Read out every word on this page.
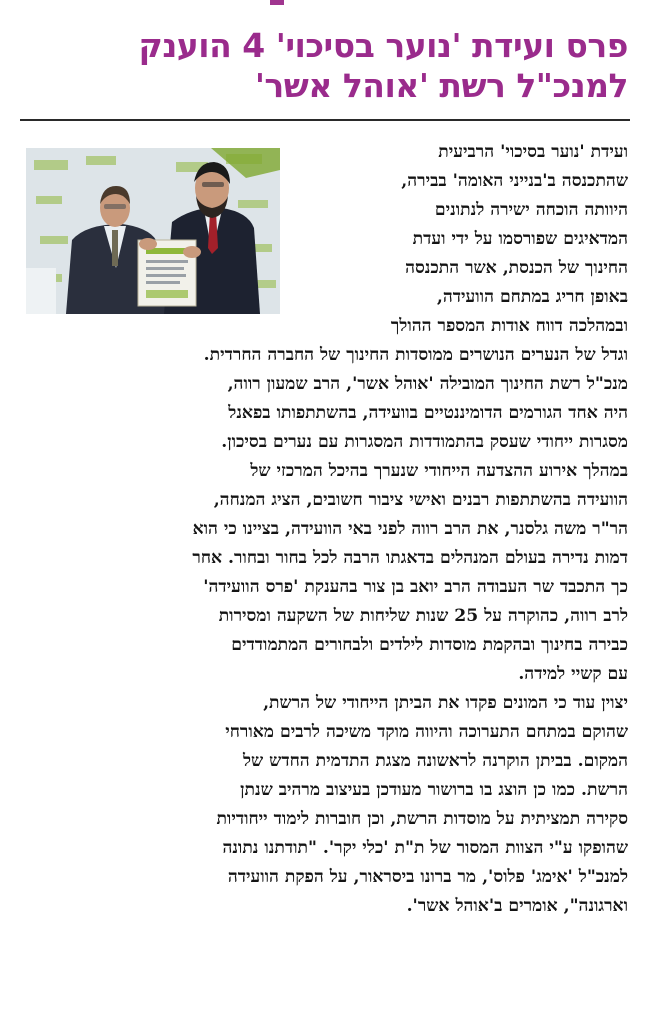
פרס ועידת 'נוער בסיכוי' 4 הוענק
למנכ"ל רשת 'אוהל אשר'

ועידת 'נוער בסיכוי' הרביעית
שהתכנסה ב'בנייני האומה' בבירה,
היוותה הוכחה ישירה לנתונים
המדאיגים שפורסמו על ידי ועדת
החינוך של הכנסת, אשר התכנסה
באופן חריג במתחם הוועידה,
ובמהלכה דווח אודות המספר ההולך
וגדל של הנערים הנושרים ממוסדות החינוך של החברה החרדית.
מנכ"ל רשת החינוך המובילה 'אוהל אשר', הרב שמעון רווה,
היה אחד הגורמים הדומיננטיים בוועידה, בהשתתפותו בפאנל
מסגרות ייחודי שעסק בהתמודדות המסגרות עם נערים בסיכון.

במהלך אירוע ההצדעה הייחודי שנערך בהיכל המרכזי של
הוועידה בהשתתפות רבנים ואישי ציבור חשובים, הציג המנחה,
הר"ר משה גלסנר, את הרב רווה לפני באי הוועידה, בציינו כי הוא
דמות נדירה בעולם המנהלים בדאגתו הרבה לכל בחור ובחור. אחר
כך התכבד שר העבודה הרב יואב בן צור בהענקת 'פרס הוועידה'
לרב רווה, כהוקרה על 25 שנות שליחות של השקעה ומסירות
כבירה בחינוך ובהקמת מוסדות לילדים ולבחורים המתמודדים
עם קשיי למידה.

יצוין עוד כי המונים פקדו את הביתן הייחודי של הרשת,
שהוקם במתחם התערוכה והיווה מוקד משיכה לרבים מאורחי
המקום. בביתן הוקרנה לראשונה מצגת התדמית החדש של
הרשת. כמו כן הוצג בו ברושור מעודכן בעיצוב מרהיב שנתן
סקירה תמציתית על מוסדות הרשת, וכן חוברות לימוד ייחודיות
שהופקו ע"י הצוות המסור של ת"ת 'כלי יקר'. "תודתנו נתונה
למנכ"ל 'אימג' פלוס', מר ברונו ביסראור, על הפקת הוועידה
וארגונה", אומרים ב'אוהל אשר'.
